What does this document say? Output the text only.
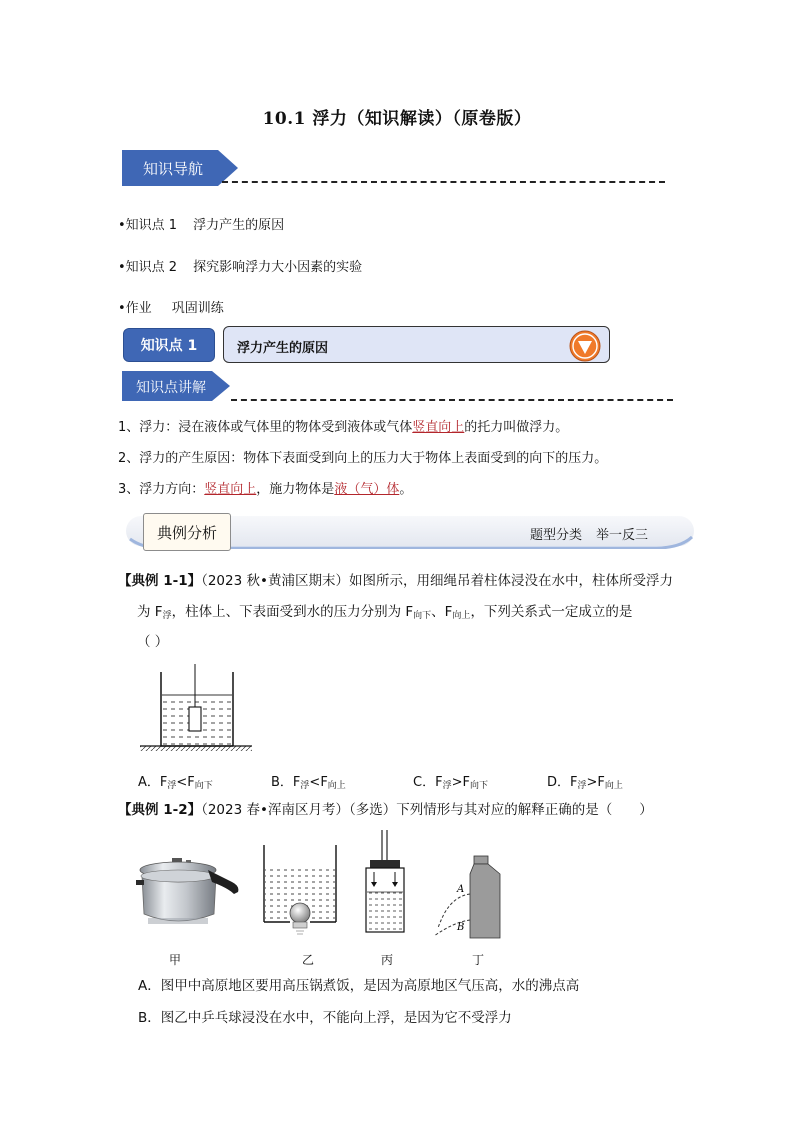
10.1 浮力（知识解读）（原卷版）
知识导航
•知识点 1 浮力产生的原因
•知识点 2 探究影响浮力大小因素的实验
•作业 巩固训练
知识点 1	浮力产生的原因
知识点讲解
1、浮力：浸在液体或气体里的物体受到液体或气体竖直向上的托力叫做浮力。
2、浮力的产生原因：物体下表面受到向上的压力大于物体上表面受到的向下的压力。
3、浮力方向：竖直向上，施力物体是液（气）体。
典例分析	题型分类 举一反三
【典例 1-1】（2023 秋•黄浦区期末）如图所示，用细绳吊着柱体浸没在水中，柱体所受浮力
为 $F_浮$，柱体上、下表面受到水的压力分别为 $F_{向下}$、$F_{向上}$，下列关系式一定成立的是
（ ）
A．$F_浮<F_{向下}$	B．$F_浮<F_{向上}$	C．$F_浮>F_{向下}$	D．$F_浮>F_{向上}$
【典例 1-2】（2023 春•浑南区月考）（多选）下列情形与其对应的解释正确的是（　　）
A
B
甲	乙	丙	丁
A．图甲中高原地区要用高压锅煮饭，是因为高原地区气压高，水的沸点高
B．图乙中乒乓球浸没在水中，不能向上浮，是因为它不受浮力
